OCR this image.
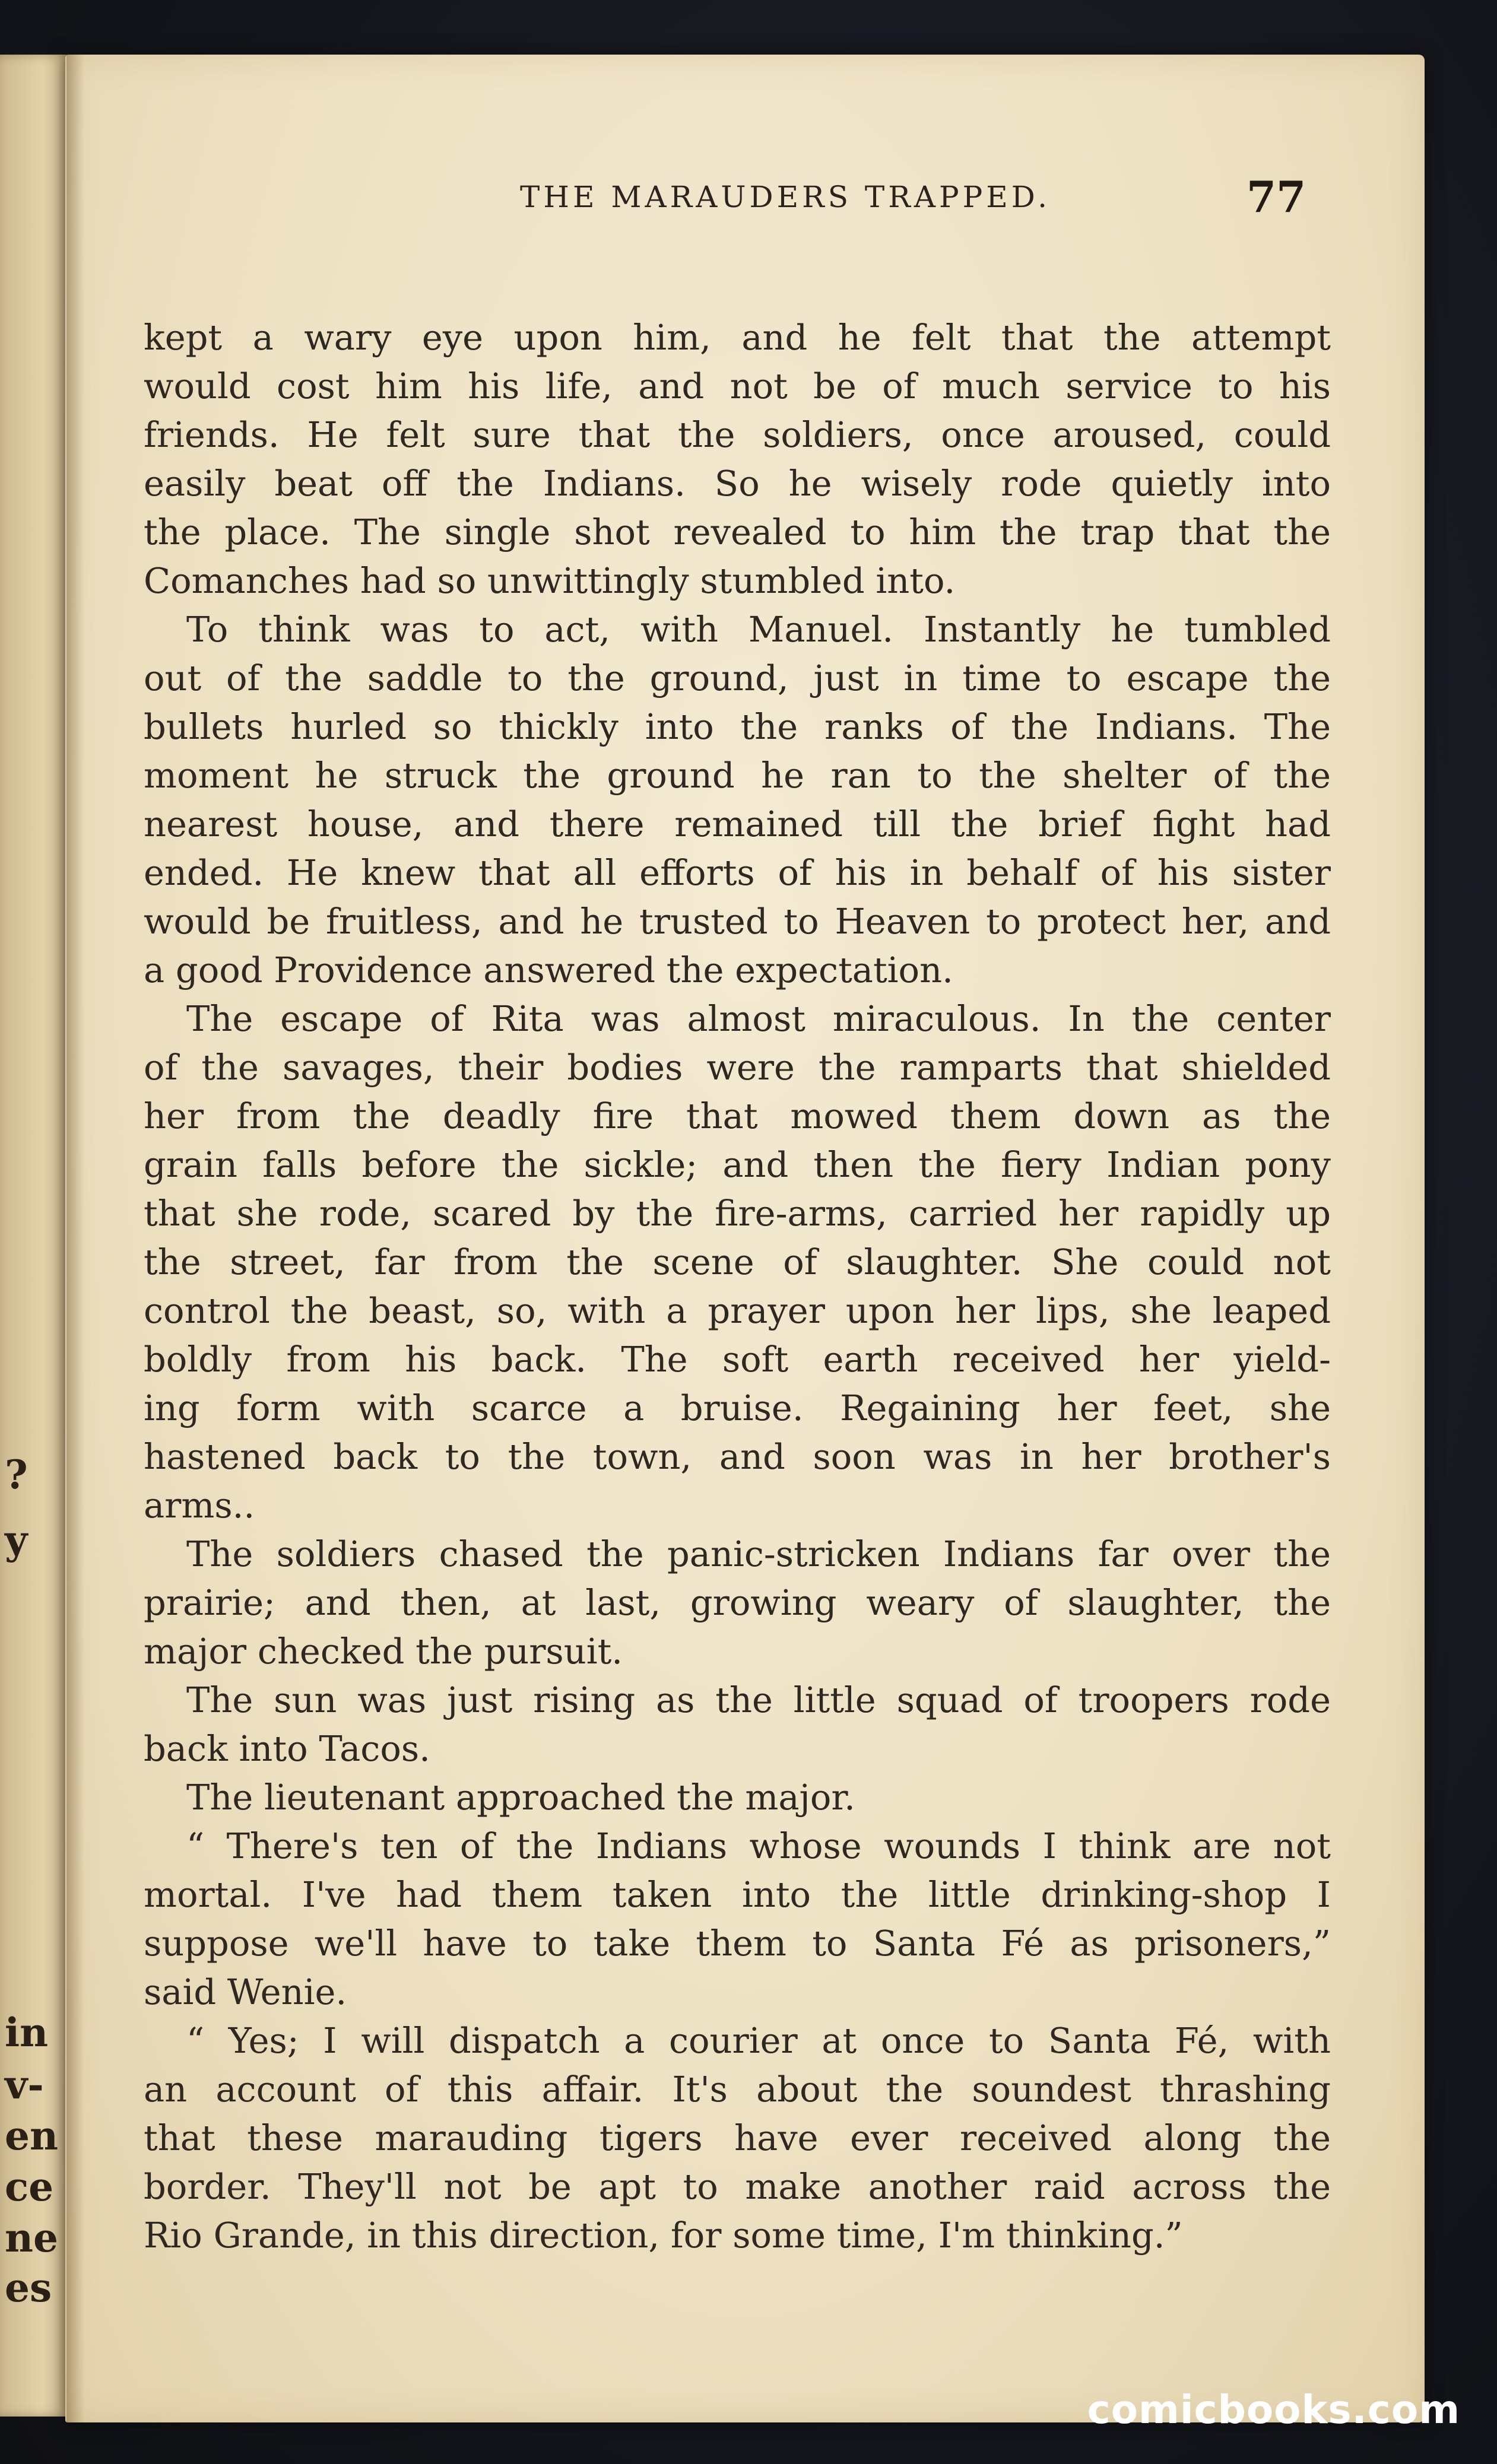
?
y
in
v-
en
ce
ne
es
THE MARAUDERS TRAPPED.	77
kept a wary eye upon him, and he felt that the attempt
would cost him his life, and not be of much service to his
friends. He felt sure that the soldiers, once aroused, could
easily beat off the Indians. So he wisely rode quietly into
the place. The single shot revealed to him the trap that the
Comanches had so unwittingly stumbled into.
To think was to act, with Manuel. Instantly he tumbled
out of the saddle to the ground, just in time to escape the
bullets hurled so thickly into the ranks of the Indians. The
moment he struck the ground he ran to the shelter of the
nearest house, and there remained till the brief fight had
ended. He knew that all efforts of his in behalf of his sister
would be fruitless, and he trusted to Heaven to protect her, and
a good Providence answered the expectation.
The escape of Rita was almost miraculous. In the center
of the savages, their bodies were the ramparts that shielded
her from the deadly fire that mowed them down as the
grain falls before the sickle; and then the fiery Indian pony
that she rode, scared by the fire-arms, carried her rapidly up
the street, far from the scene of slaughter. She could not
control the beast, so, with a prayer upon her lips, she leaped
boldly from his back. The soft earth received her yield-
ing form with scarce a bruise. Regaining her feet, she
hastened back to the town, and soon was in her brother's
arms..
The soldiers chased the panic-stricken Indians far over the
prairie; and then, at last, growing weary of slaughter, the
major checked the pursuit.
The sun was just rising as the little squad of troopers rode
back into Tacos.
The lieutenant approached the major.
“ There's ten of the Indians whose wounds I think are not
mortal. I've had them taken into the little drinking-shop I
suppose we'll have to take them to Santa Fé as prisoners,”
said Wenie.
“ Yes; I will dispatch a courier at once to Santa Fé, with
an account of this affair. It's about the soundest thrashing
that these marauding tigers have ever received along the
border. They'll not be apt to make another raid across the
Rio Grande, in this direction, for some time, I'm thinking.”
comicbooks.com
